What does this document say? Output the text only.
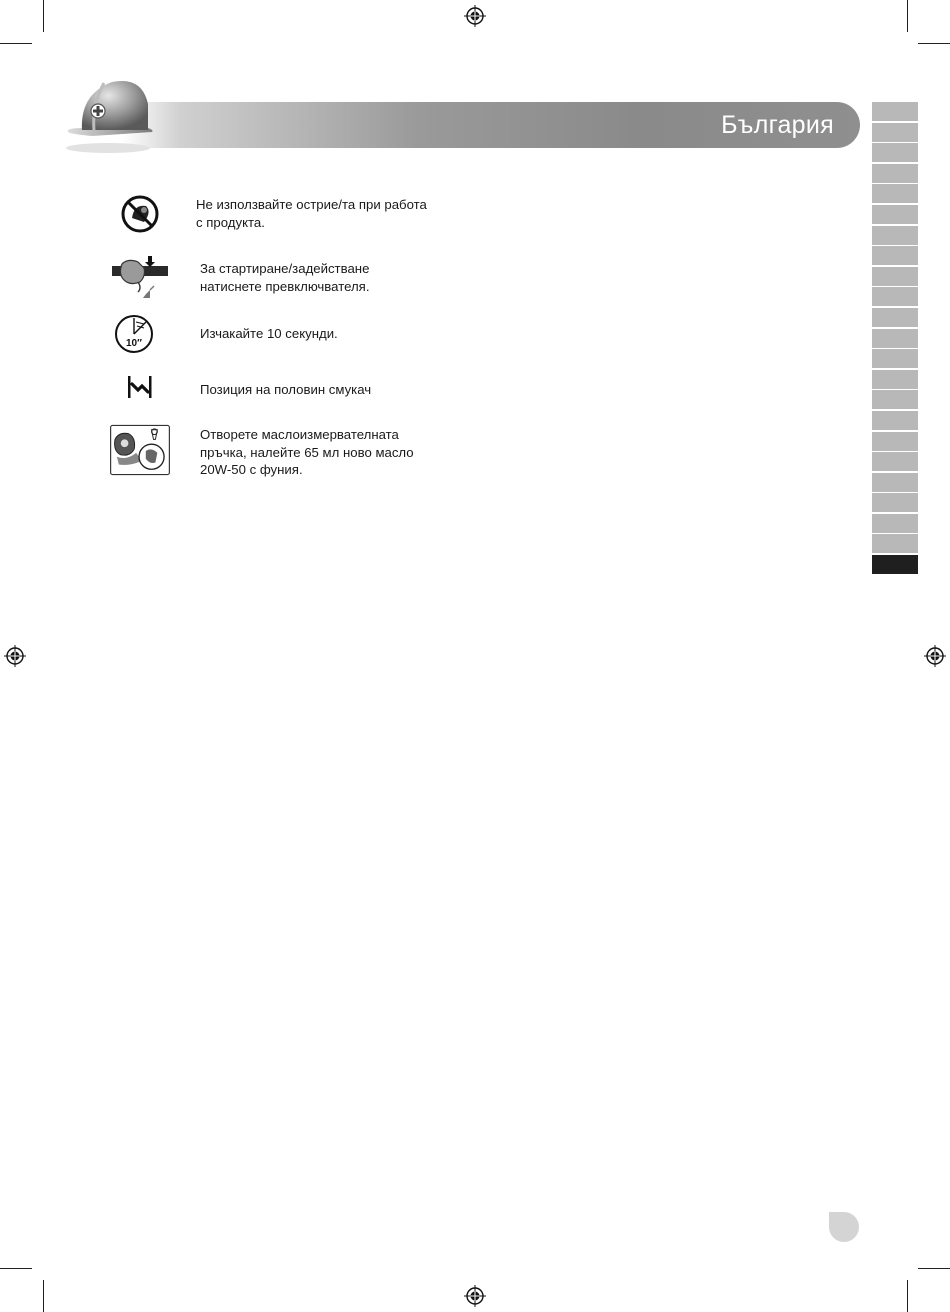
България
Не използвайте острие/та при работа
с продукта.
За стартиране/задействане
натиснете превключвателя.
10″
Изчакайте 10 секунди.
Позиция на половин смукач
Отворете маслоизмервателната
пръчка, налейте 65 мл ново масло
20W-50 с фуния.
